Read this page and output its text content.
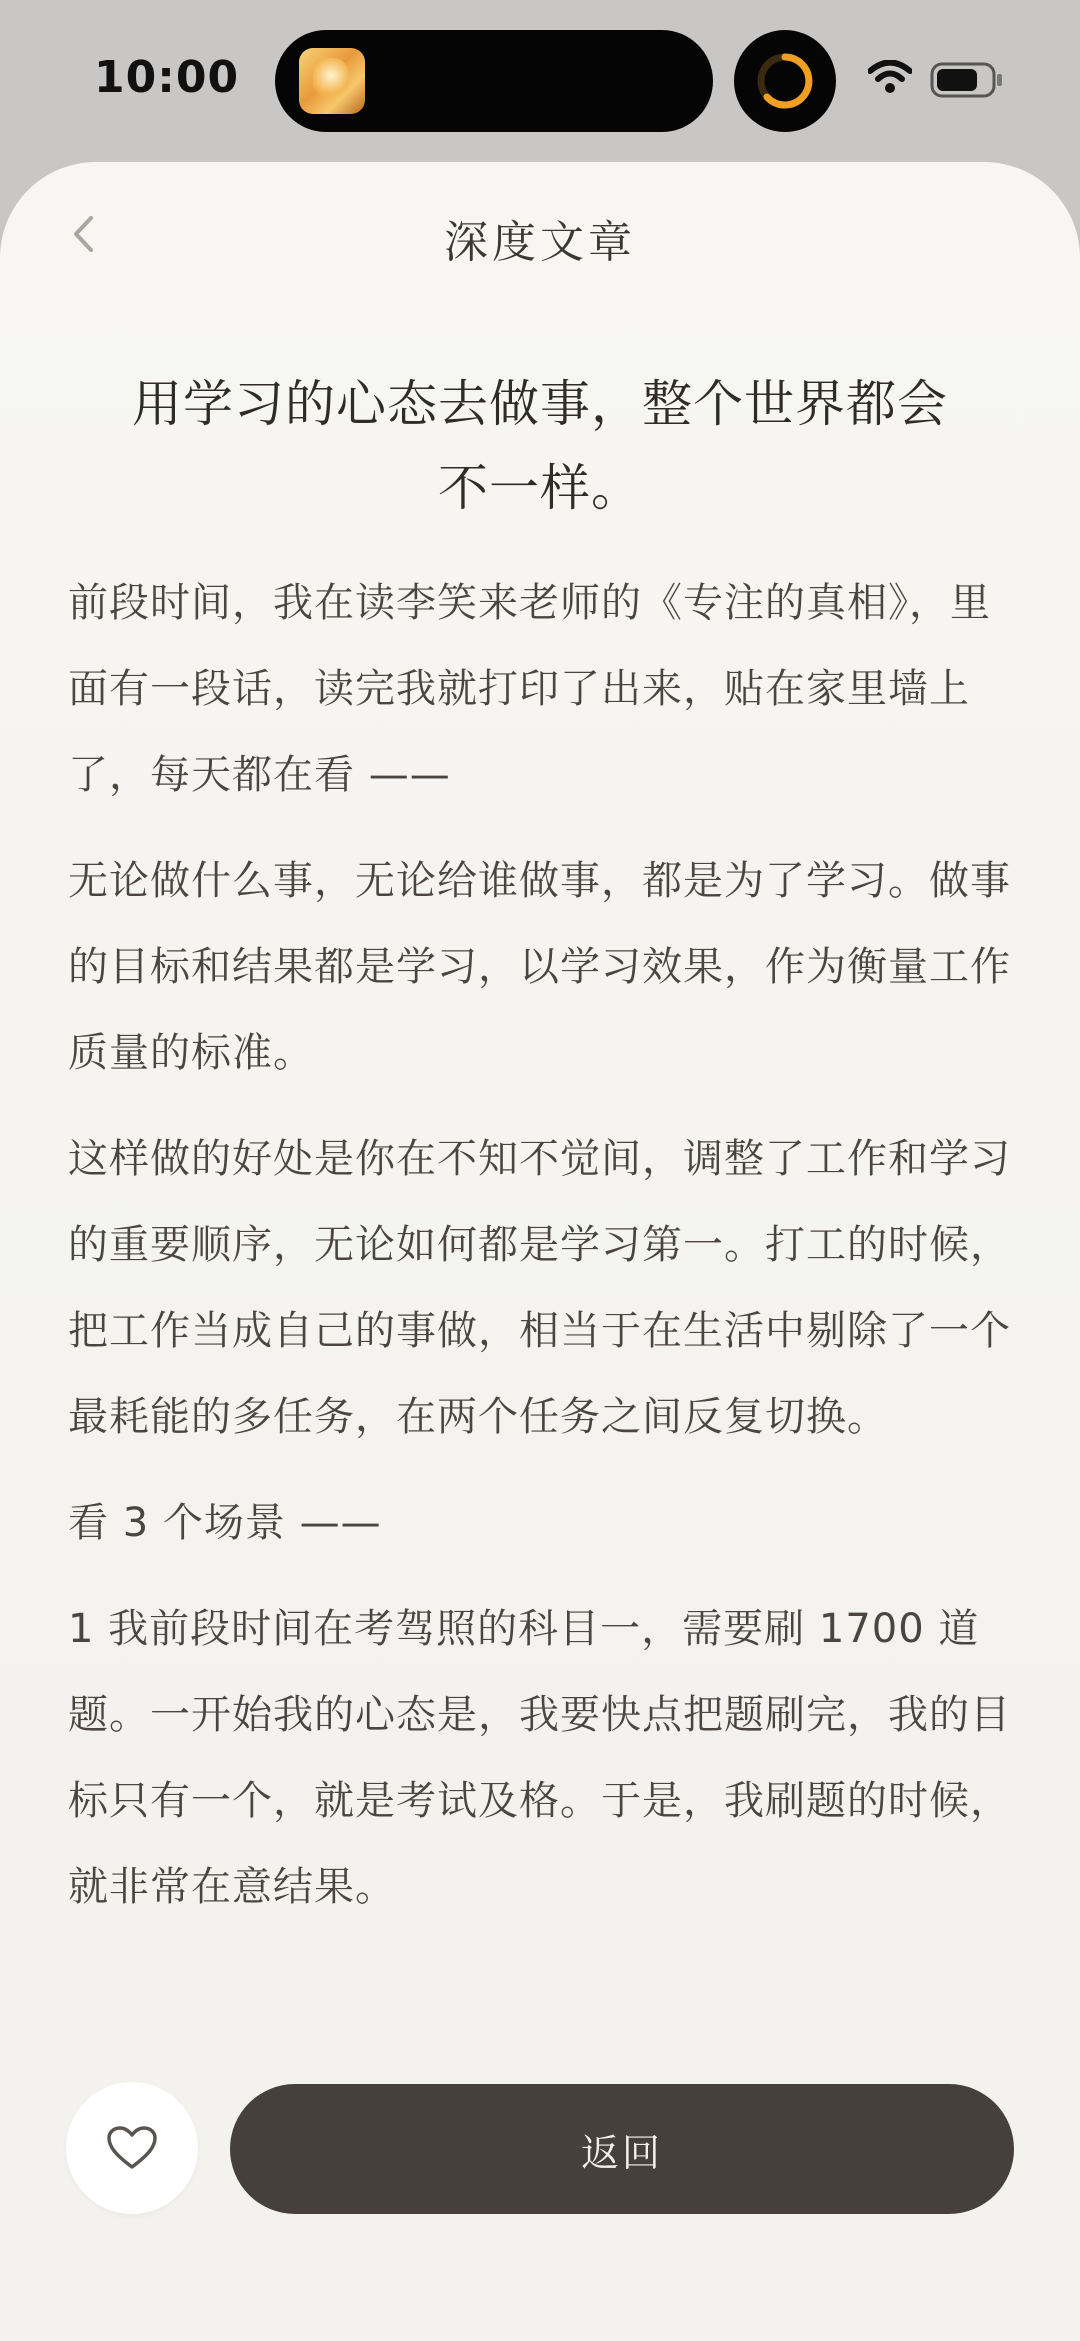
10:00
深度文章
用学习的心态去做事，整个世界都会
不一样。

前段时间，我在读李笑来老师的《专注的真相》，里面有一段话，读完我就打印了出来，贴在家里墙上了，每天都在看 ——

无论做什么事，无论给谁做事，都是为了学习。做事的目标和结果都是学习，以学习效果，作为衡量工作质量的标准。

这样做的好处是你在不知不觉间，调整了工作和学习的重要顺序，无论如何都是学习第一。打工的时候，把工作当成自己的事做，相当于在生活中剔除了一个最耗能的多任务，在两个任务之间反复切换。

看 3 个场景 ——

1 我前段时间在考驾照的科目一，需要刷 1700 道题。一开始我的心态是，我要快点把题刷完，我的目标只有一个，就是考试及格。于是，我刷题的时候，就非常在意结果。

返回
